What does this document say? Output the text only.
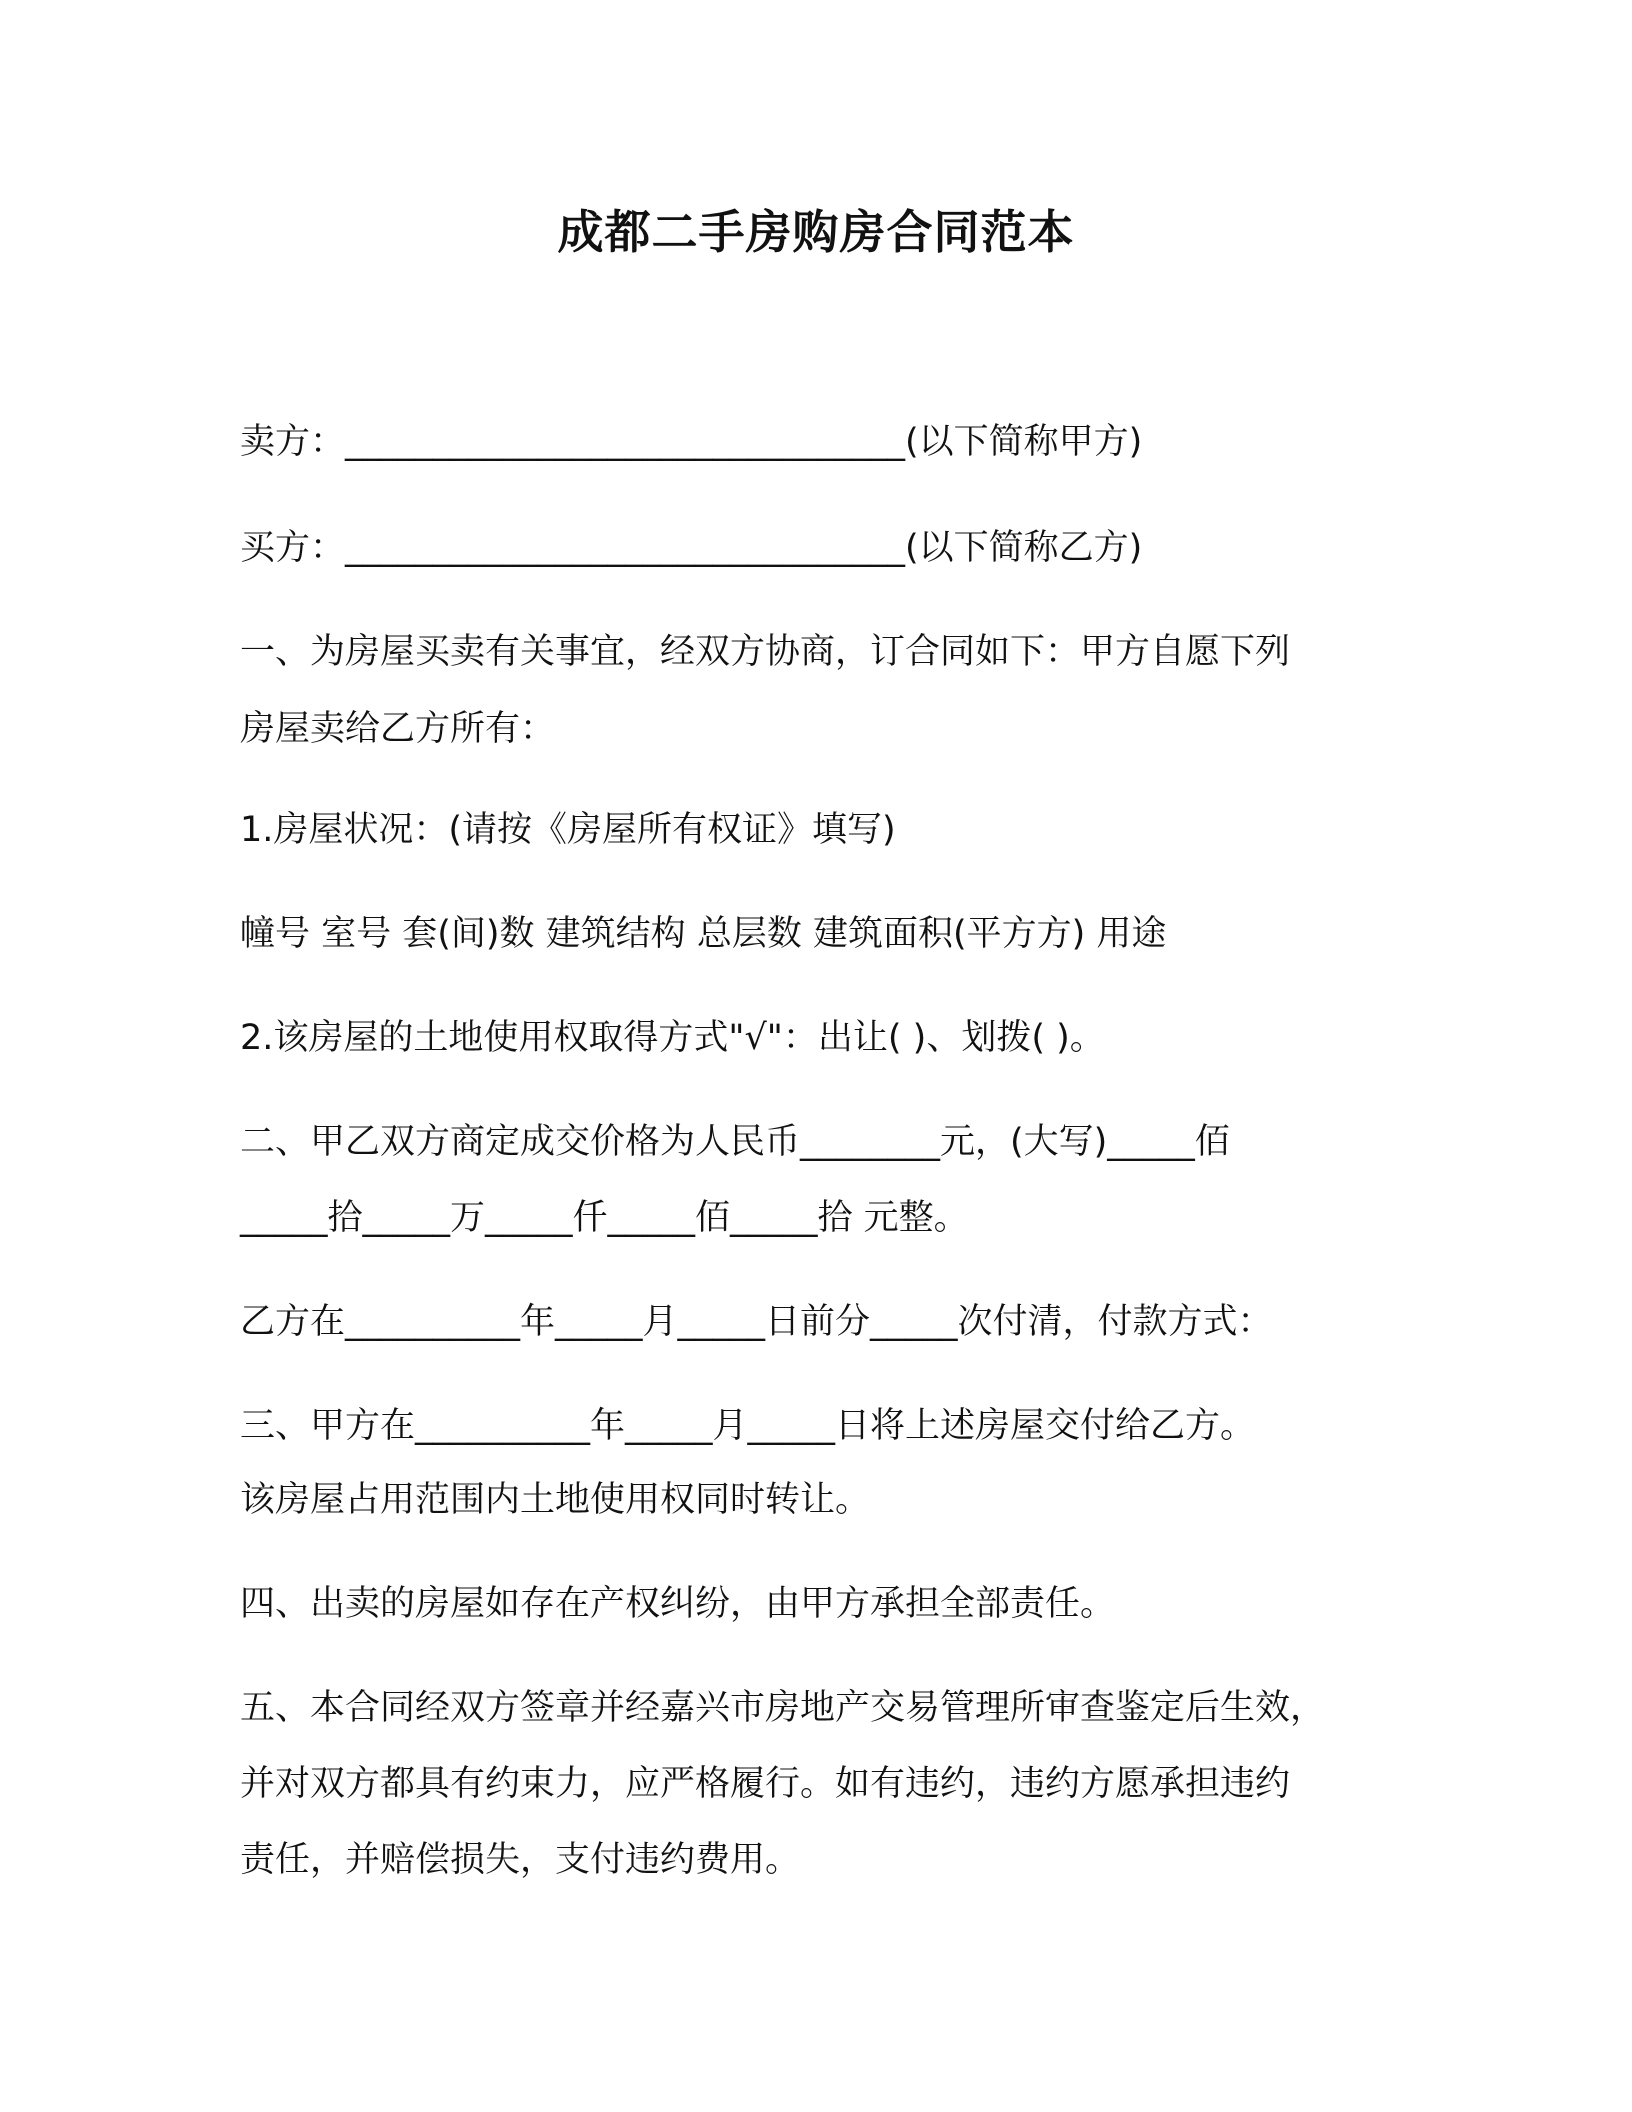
成都二手房购房合同范本
卖方：________________________________(以下简称甲方)
买方：________________________________(以下简称乙方)
一、为房屋买卖有关事宜，经双方协商，订合同如下：甲方自愿下列
房屋卖给乙方所有：
1.房屋状况：(请按《房屋所有权证》填写)
幢号 室号 套(间)数 建筑结构 总层数 建筑面积(平方方) 用途
2.该房屋的土地使用权取得方式"√"：出让( )、划拨( )。
二、甲乙双方商定成交价格为人民币________元，(大写)_____佰
_____拾_____万_____仟_____佰_____拾 元整。
乙方在__________年_____月_____日前分_____次付清，付款方式：
三、甲方在__________年_____月_____日将上述房屋交付给乙方。
该房屋占用范围内土地使用权同时转让。
四、出卖的房屋如存在产权纠纷，由甲方承担全部责任。
五、本合同经双方签章并经嘉兴市房地产交易管理所审查鉴定后生效，
并对双方都具有约束力，应严格履行。如有违约，违约方愿承担违约
责任，并赔偿损失，支付违约费用。
